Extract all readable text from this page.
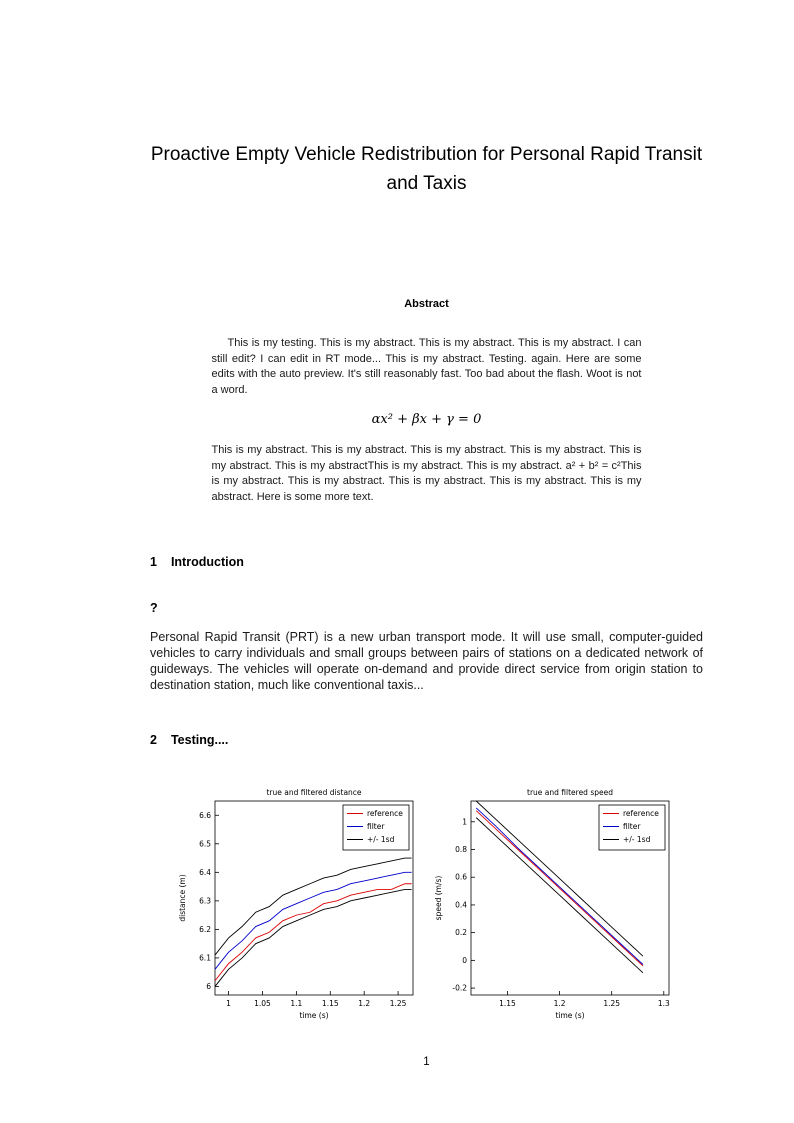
Proactive Empty Vehicle Redistribution for Personal Rapid Transit and Taxis
Abstract

This is my testing. This is my abstract. This is my abstract. This is my abstract. I can still edit? I can edit in RT mode... This is my abstract. Testing. again. Here are some edits with the auto preview. It's still reasonably fast. Too bad about the flash. Woot is not a word.

αx² + βx + γ = 0

This is my abstract. This is my abstract. This is my abstract. This is my abstract. This is my abstract. This is my abstractThis is my abstract. This is my abstract. a² + b² = c²This is my abstract. This is my abstract. This is my abstract. This is my abstract. This is my abstract. Here is some more text.

1 Introduction

?

Personal Rapid Transit (PRT) is a new urban transport mode. It will use small, computer-guided vehicles to carry individuals and small groups between pairs of stations on a dedicated network of guideways. The vehicles will operate on-demand and provide direct service from origin station to destination station, much like conventional taxis...

2 Testing....
1	1.05	1.1	1.15	1.2	1.25
6
6.1
6.2
6.3
6.4
6.5
6.6
true and filtered distance
time (s)
distance (m)
reference
filter
+/- 1sd
1.15	1.2	1.25	1.3
-0.2
0
0.2
0.4
0.6
0.8
1
true and filtered speed
time (s)
speed (m/s)
reference
filter
+/- 1sd
1
